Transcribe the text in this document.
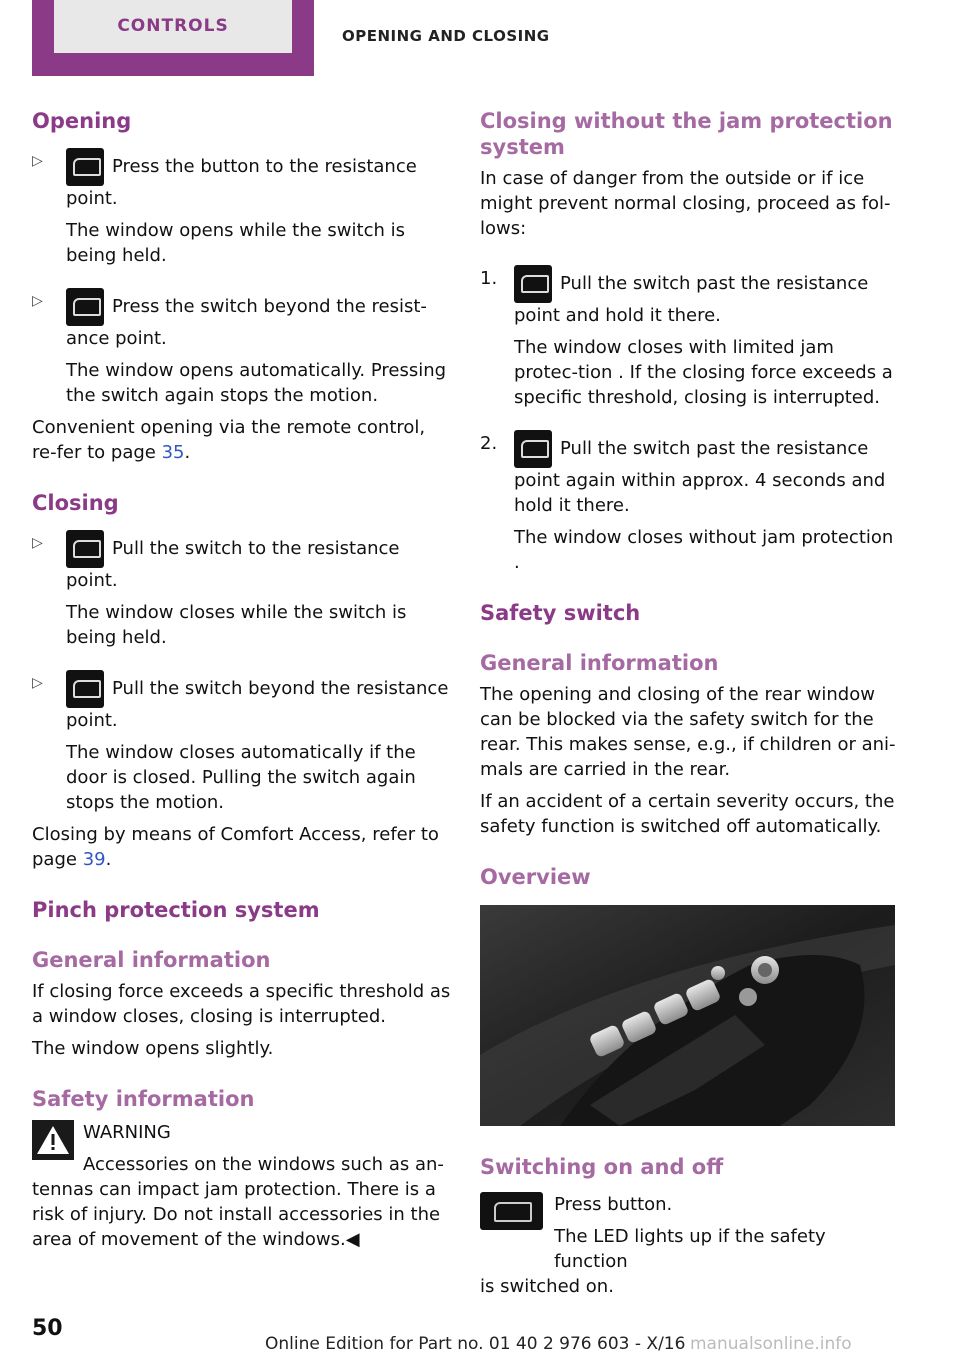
CONTROLS	OPENING AND CLOSING
Opening
▷	Press the button to the resistance point.

The window opens while the switch is being held.

▷	Press the switch beyond the resist-ance point.

The window opens automatically. Pressing the switch again stops the motion.

Convenient opening via the remote control, re-fer to page 35.

Closing
▷	Pull the switch to the resistance point.

The window closes while the switch is being held.

▷	Pull the switch beyond the resistance point.

The window closes automatically if the door is closed. Pulling the switch again stops the motion.

Closing by means of Comfort Access, refer to page 39.

Pinch protection system
General information

If closing force exceeds a specific threshold as a window closes, closing is interrupted.

The window opens slightly.

Safety information

WARNING

Accessories on the windows such as an-

tennas can impact jam protection. There is a risk of injury. Do not install accessories in the area of movement of the windows.◀

Closing without the jam protection system

In case of danger from the outside or if ice might prevent normal closing, proceed as fol-lows:

1.	Pull the switch past the resistance point and hold it there.

The window closes with limited jam protec-tion . If the closing force exceeds a specific threshold, closing is interrupted.

2.	Pull the switch past the resistance point again within approx. 4 seconds and hold it there.

The window closes without jam protection .

Safety switch
General information

The opening and closing of the rear window can be blocked via the safety switch for the rear. This makes sense, e.g., if children or ani-mals are carried in the rear.

If an accident of a certain severity occurs, the safety function is switched off automatically.

Overview
Switching on and off

Press button.

The LED lights up if the safety function

is switched on.

50
Online Edition for Part no. 01 40 2 976 603 - X/16 manualsonline.info
